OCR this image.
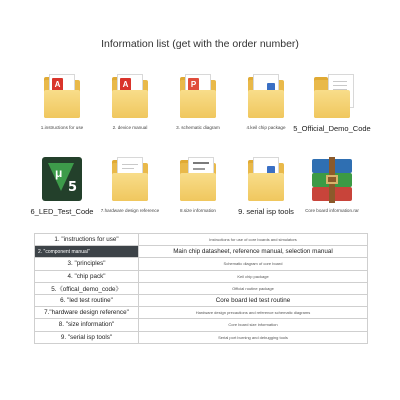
Information list (get with the order number)
A
1.instructions for use
A
2. device manual
P
3. schematic diagram	4.keil chip package	5_Official_Demo_Code
μ
5
6_LED_Test_Code	7.hardware design reference	8.size information	9. serial isp tools	Core board information.rar
1. "instructions for use"	Instructions for use of core boards and simulators
2. "component manual"	Main chip datasheet, reference manual, selection manual
3. "principles"	Schematic diagram of core board
4. "chip pack"	Keil chip package
5.《offical_demo_code》	Official routine package
6. "led test routine"	Core board led test routine
7."hardware design reference"	Hardware design precautions and reference schematic diagrams
8. "size information"	Core board size information
9. "serial isp tools"	Serial port burning and debugging tools
